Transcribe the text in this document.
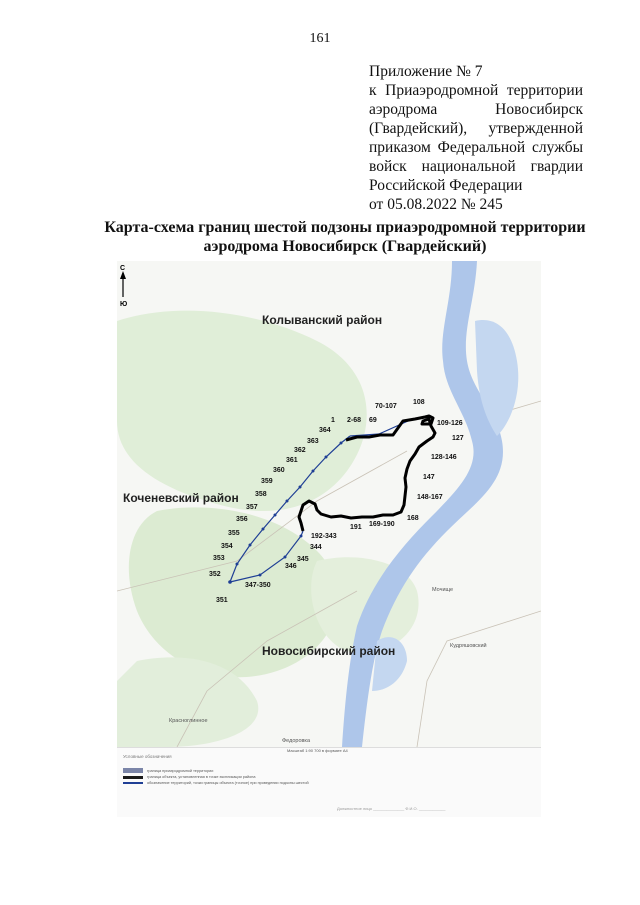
161
Приложение № 7
к Приаэродромной территории
аэродрома Новосибирск
(Гвардейский), утвержденной
приказом Федеральной службы
войск национальной гвардии
Российской Федерации
от 05.08.2022 № 245
Карта-схема границ шестой подзоны приаэродромной территории
аэродрома Новосибирск (Гвардейский)
С
Ю
Колыванский район
Коченевский район
Новосибирский район
Мочище
Красноглинное
Кудряшовский
Федоровка
1 2-68 69
70-107
108
109-126
127
128-146
147
148-167
168
169-190
191
192-343
344
345
346
347-350
351
352
353
354
355
356
357
358
359
360
361
362
363
364
Масштаб 1:90 700 в формате А4
Условные обозначения
граница приаэродромной территории
граница объекта, установленная в точке экспликации района
обозначение территорий, точки границы объекта (точное) при проведении подзоны шестой
Должностное лицо ______________ Ф.И.О. ____________
